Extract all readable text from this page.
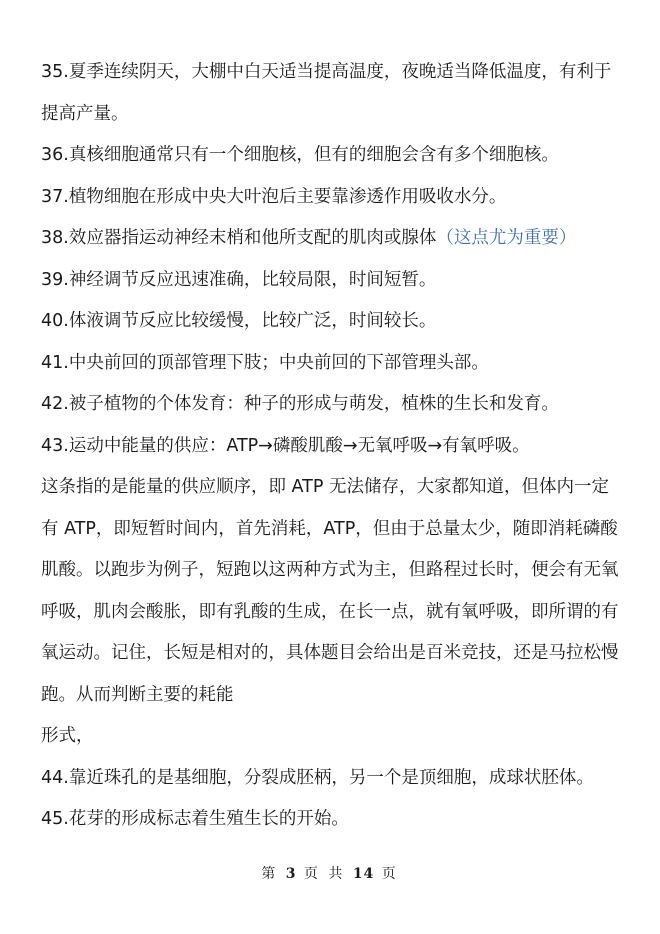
35.夏季连续阴天，大棚中白天适当提高温度，夜晚适当降低温度，有利于提高产量。

36.真核细胞通常只有一个细胞核，但有的细胞会含有多个细胞核。

37.植物细胞在形成中央大叶泡后主要靠渗透作用吸收水分。

38.效应器指运动神经末梢和他所支配的肌肉或腺体（这点尤为重要）

39.神经调节反应迅速准确，比较局限，时间短暂。

40.体液调节反应比较缓慢，比较广泛，时间较长。

41.中央前回的顶部管理下肢；中央前回的下部管理头部。

42.被子植物的个体发育：种子的形成与萌发，植株的生长和发育。

43.运动中能量的供应：ATP→磷酸肌酸→无氧呼吸→有氧呼吸。

这条指的是能量的供应顺序，即 ATP 无法储存，大家都知道，但体内一定有 ATP，即短暂时间内，首先消耗，ATP，但由于总量太少，随即消耗磷酸肌酸。以跑步为例子，短跑以这两种方式为主，但路程过长时，便会有无氧呼吸，肌肉会酸胀，即有乳酸的生成，在长一点，就有氧呼吸，即所谓的有氧运动。记住，长短是相对的，具体题目会给出是百米竞技，还是马拉松慢跑。从而判断主要的耗能

形式，

44.靠近珠孔的是基细胞，分裂成胚柄，另一个是顶细胞，成球状胚体。

45.花芽的形成标志着生殖生长的开始。

第 3 页 共 14 页
